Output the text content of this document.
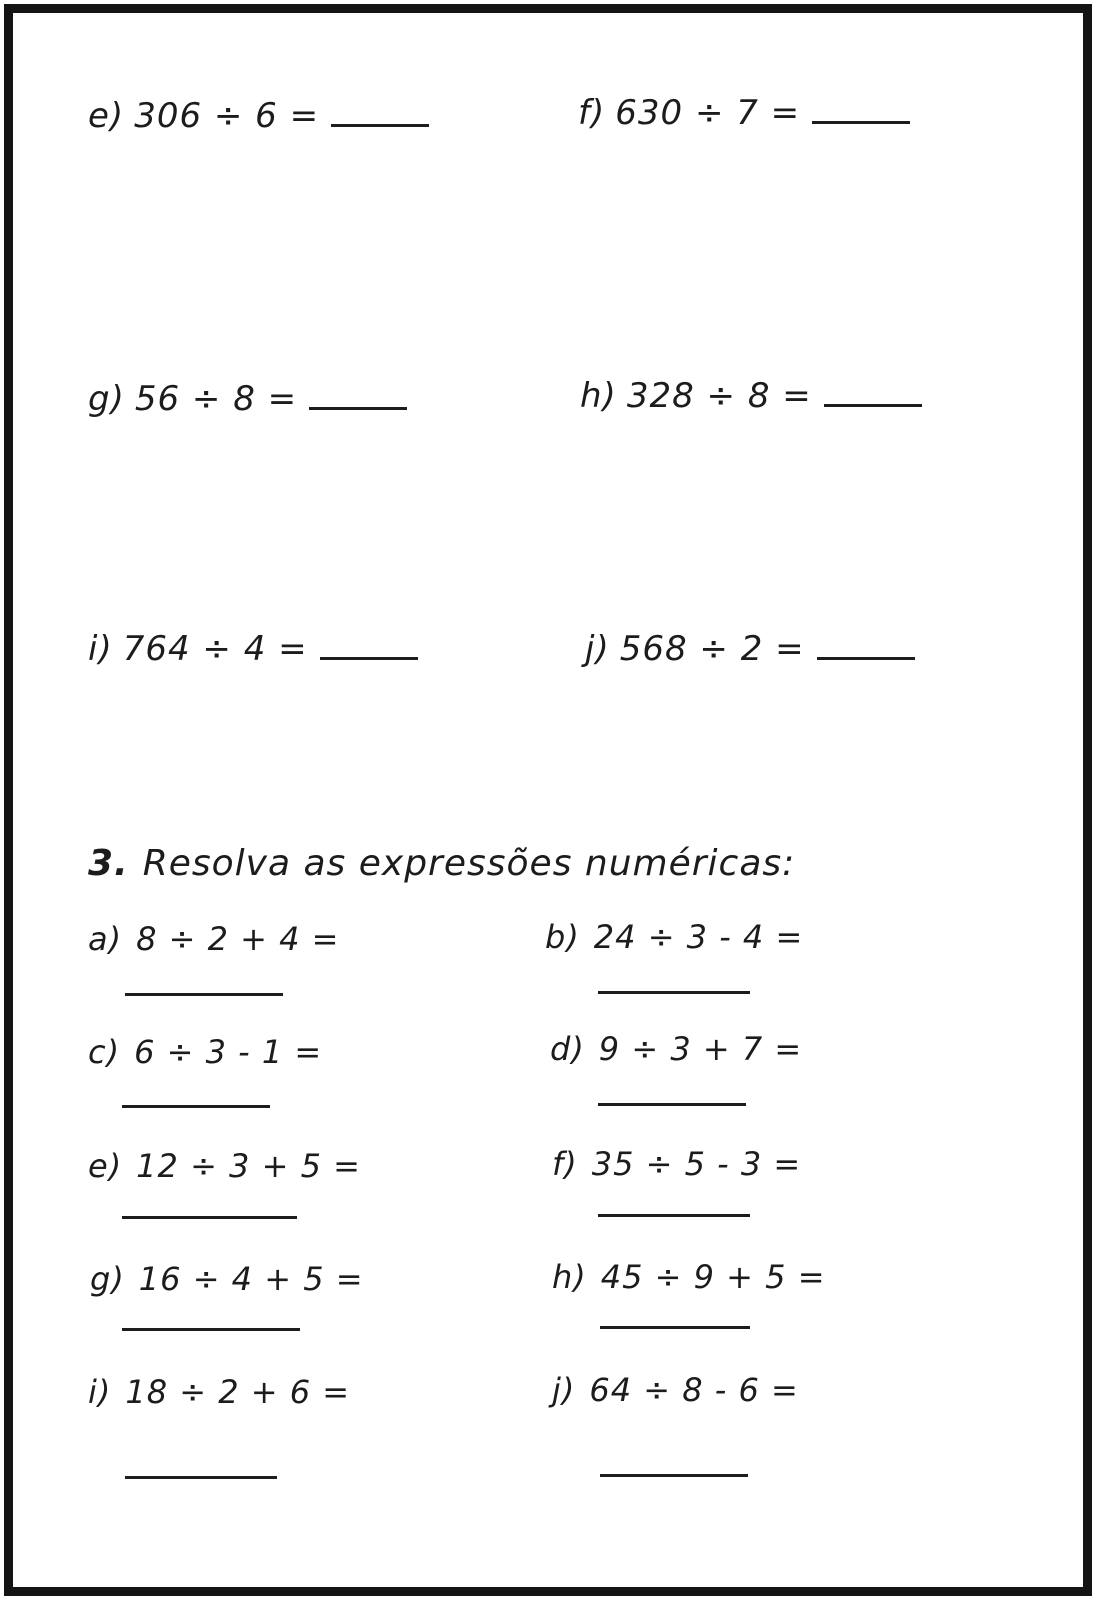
e) 306 ÷ 6 =	f) 630 ÷ 7 =
g) 56 ÷ 8 =	h) 328 ÷ 8 =
i) 764 ÷ 4 =	j) 568 ÷ 2 =
3. Resolva as expressões numéricas:
a) 8 ÷ 2 + 4 =	b) 24 ÷ 3 - 4 =
c) 6 ÷ 3 - 1 =	d) 9 ÷ 3 + 7 =
e) 12 ÷ 3 + 5 =	f) 35 ÷ 5 - 3 =
g) 16 ÷ 4 + 5 =	h) 45 ÷ 9 + 5 =
i) 18 ÷ 2 + 6 =	j) 64 ÷ 8 - 6 =
